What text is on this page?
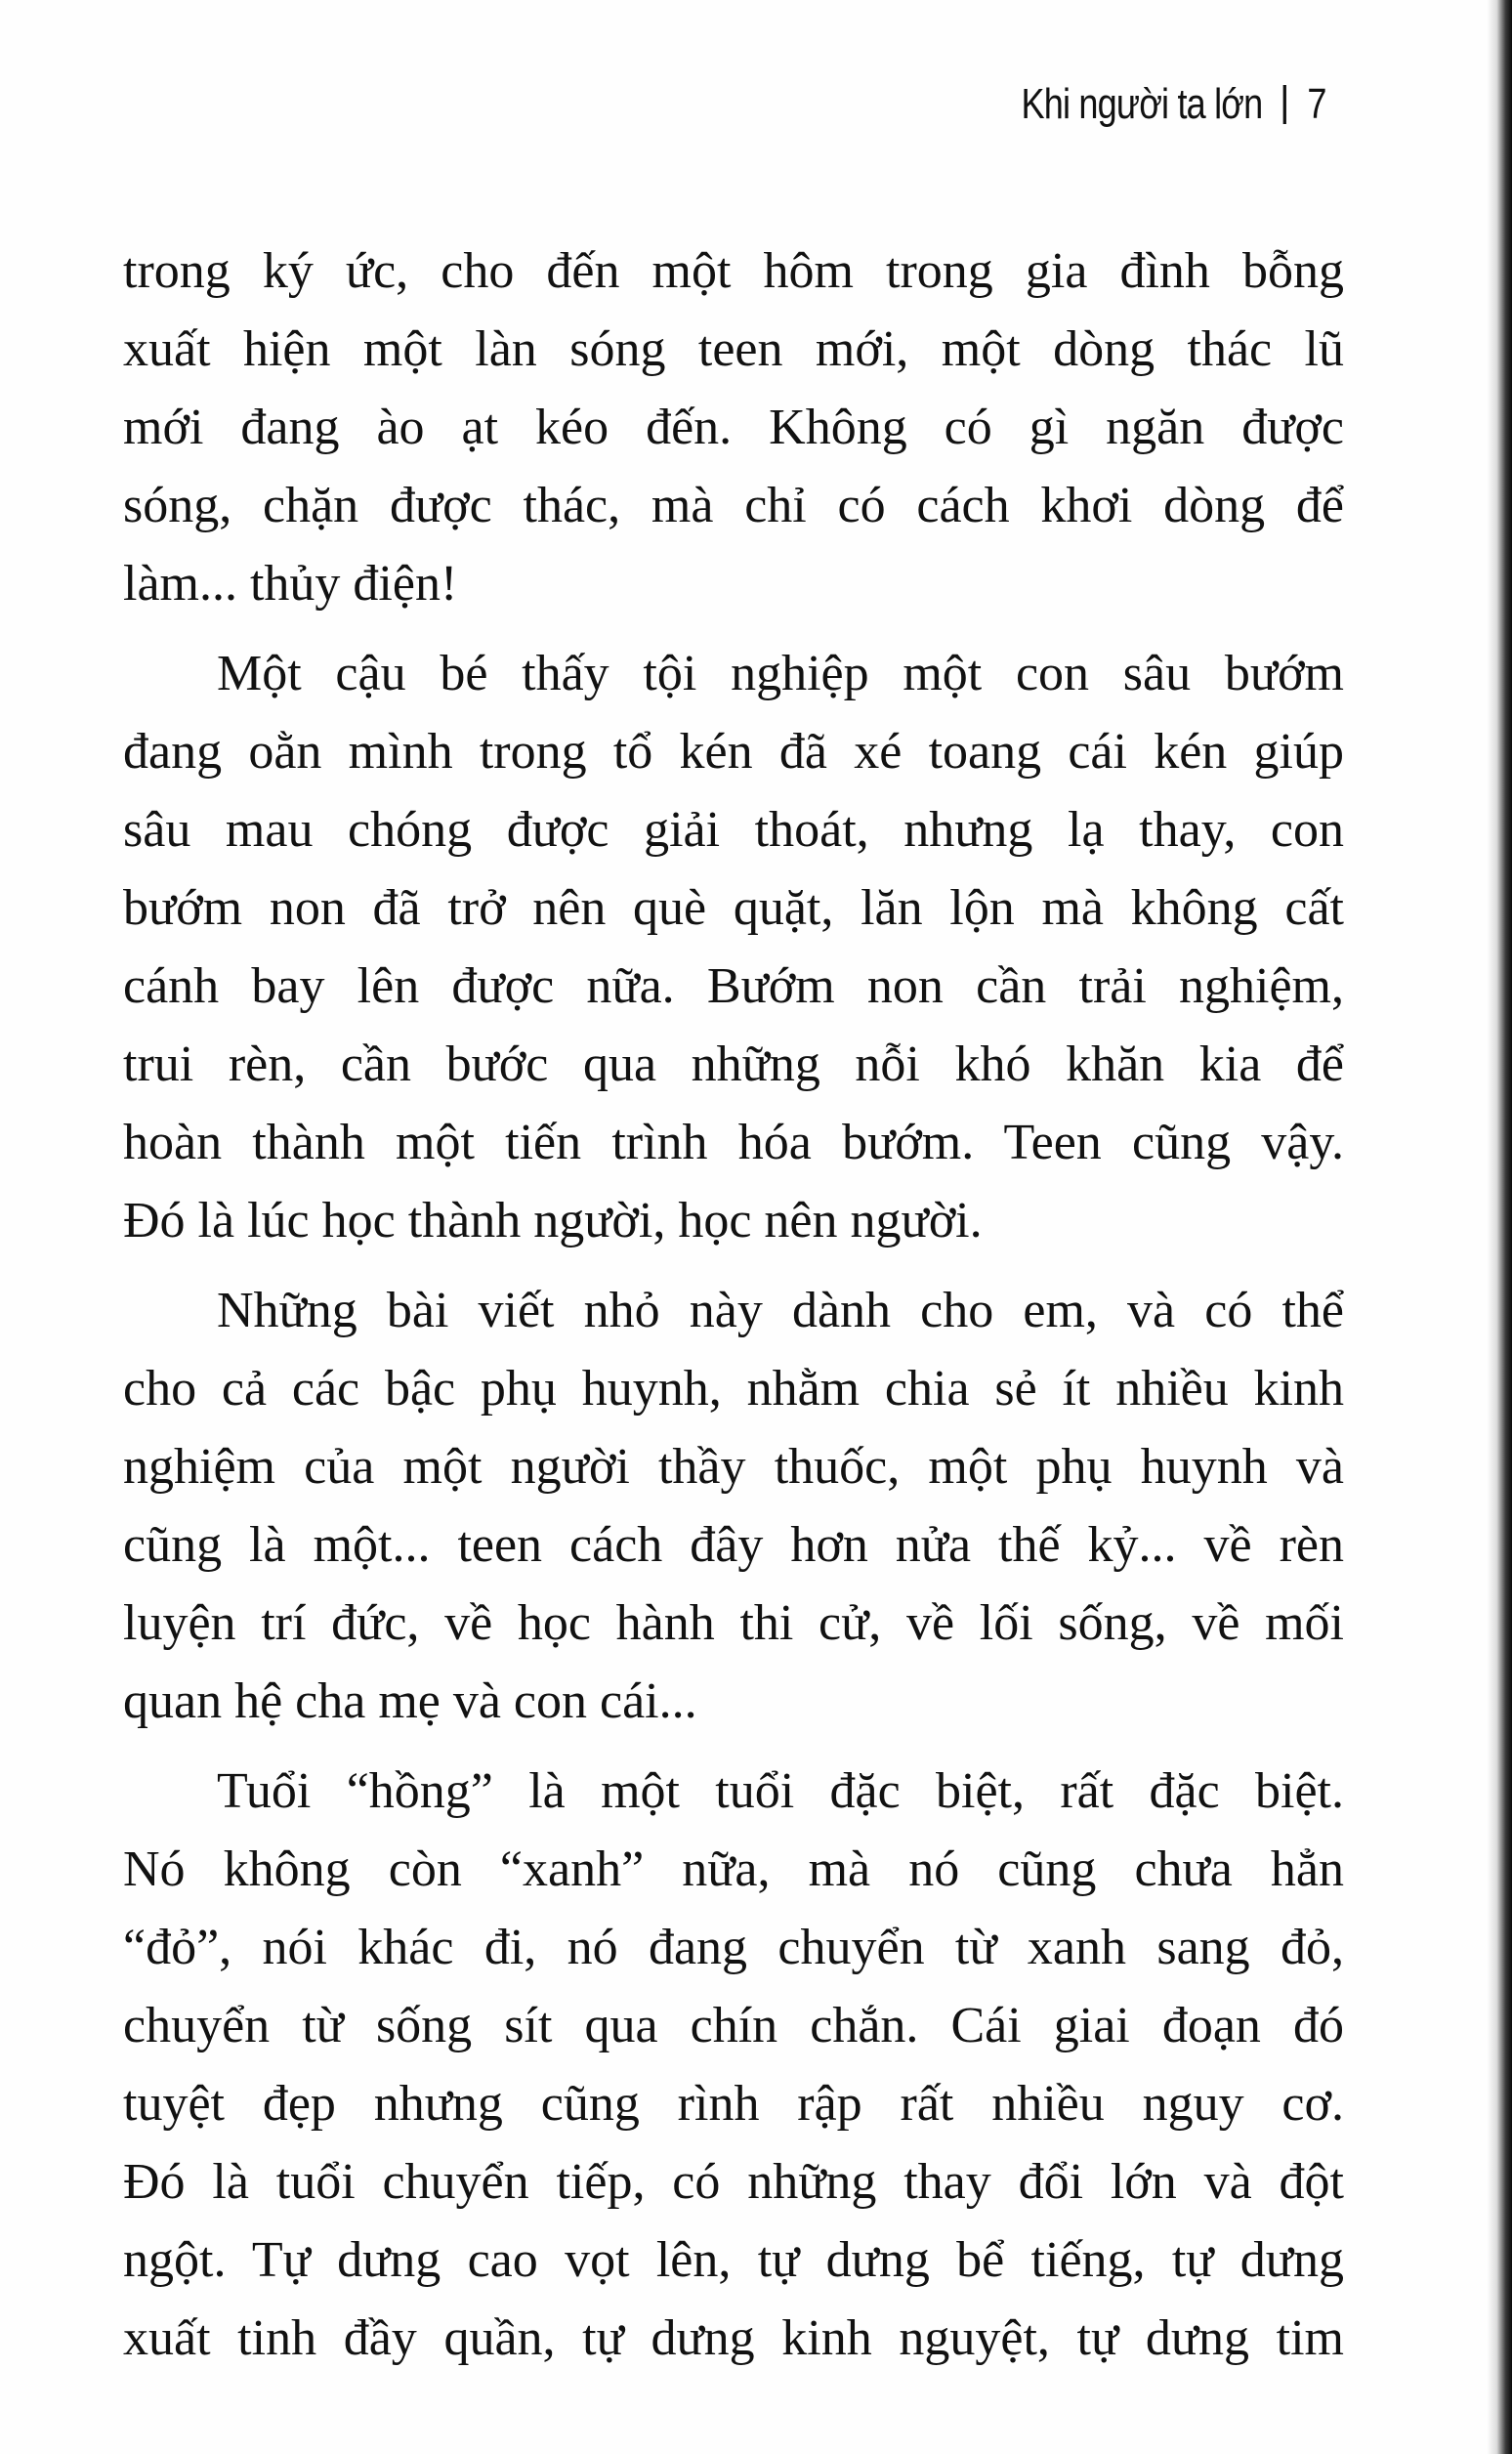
Khi người ta lớn 7
trong ký ức, cho đến một hôm trong gia đình bỗng
xuất hiện một làn sóng teen mới, một dòng thác lũ
mới đang ào ạt kéo đến. Không có gì ngăn được
sóng, chặn được thác, mà chỉ có cách khơi dòng để
làm... thủy điện!
Một cậu bé thấy tội nghiệp một con sâu bướm
đang oằn mình trong tổ kén đã xé toang cái kén giúp
sâu mau chóng được giải thoát, nhưng lạ thay, con
bướm non đã trở nên què quặt, lăn lộn mà không cất
cánh bay lên được nữa. Bướm non cần trải nghiệm,
trui rèn, cần bước qua những nỗi khó khăn kia để
hoàn thành một tiến trình hóa bướm. Teen cũng vậy.
Đó là lúc học thành người, học nên người.
Những bài viết nhỏ này dành cho em, và có thể
cho cả các bậc phụ huynh, nhằm chia sẻ ít nhiều kinh
nghiệm của một người thầy thuốc, một phụ huynh và
cũng là một... teen cách đây hơn nửa thế kỷ... về rèn
luyện trí đức, về học hành thi cử, về lối sống, về mối
quan hệ cha mẹ và con cái...
Tuổi “hồng” là một tuổi đặc biệt, rất đặc biệt.
Nó không còn “xanh” nữa, mà nó cũng chưa hẳn
“đỏ”, nói khác đi, nó đang chuyển từ xanh sang đỏ,
chuyển từ sống sít qua chín chắn. Cái giai đoạn đó
tuyệt đẹp nhưng cũng rình rập rất nhiều nguy cơ.
Đó là tuổi chuyển tiếp, có những thay đổi lớn và đột
ngột. Tự dưng cao vọt lên, tự dưng bể tiếng, tự dưng
xuất tinh đầy quần, tự dưng kinh nguyệt, tự dưng tim
